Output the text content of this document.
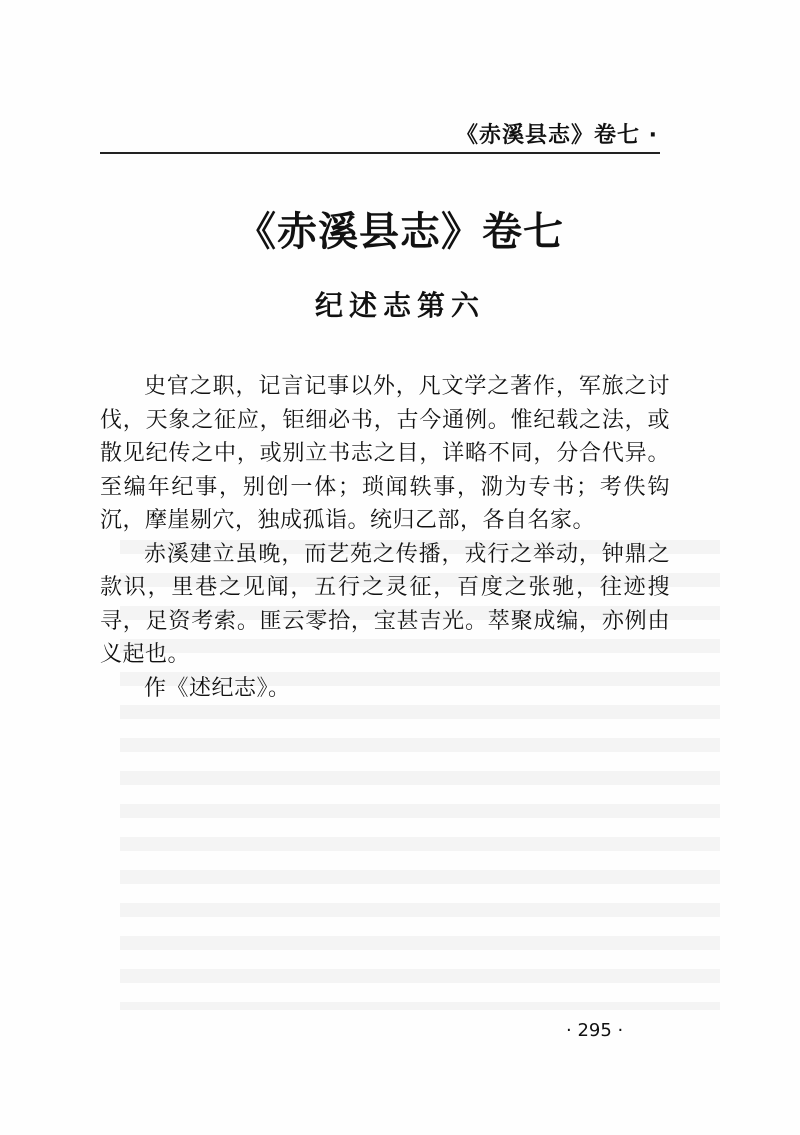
《赤溪县志》卷七 ·
《赤溪县志》卷七
纪述志第六

史官之职，记言记事以外，凡文学之著作，军旅之讨伐，天象之征应，钜细必书，古今通例。惟纪载之法，或散见纪传之中，或别立书志之目，详略不同，分合代异。至编年纪事，别创一体；琐闻轶事，泐为专书；考佚钩沉，摩崖剔穴，独成孤诣。统归乙部，各自名家。

赤溪建立虽晚，而艺苑之传播，戎行之举动，钟鼎之款识，里巷之见闻，五行之灵征，百度之张驰，往迹搜寻，足资考索。匪云零拾，宝甚吉光。萃聚成编，亦例由义起也。

作《述纪志》。

· 295 ·
